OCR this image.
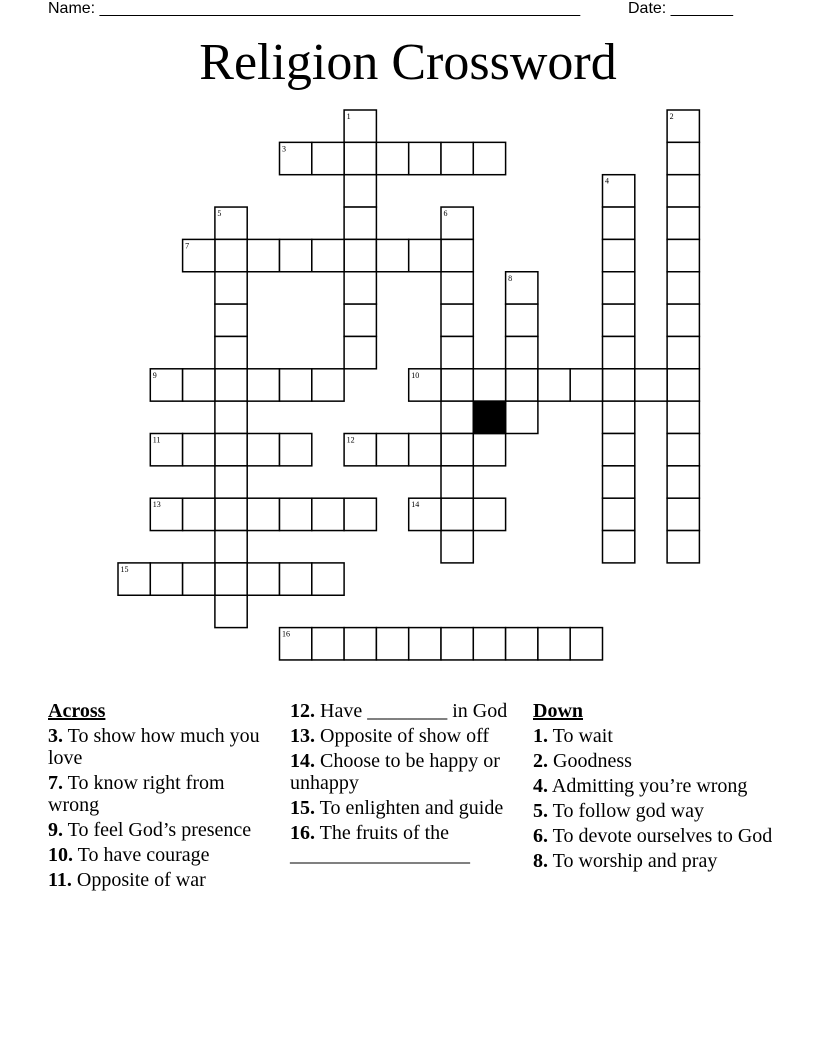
Name: ______________________________________________________	Date: _______
Religion Crossword
1	2
3
4
5	6
7
8
9	10
11	12
13	14
15
16
Across
3. To show how much you love
7. To know right from wrong
9. To feel God’s presence
10. To have courage
11. Opposite of war
12. Have ________ in God
13. Opposite of show off
14. Choose to be happy or unhappy
15. To enlighten and guide
16. The fruits of the __________________
Down
1. To wait
2. Goodness
4. Admitting you’re wrong
5. To follow god way
6. To devote ourselves to God
8. To worship and pray
